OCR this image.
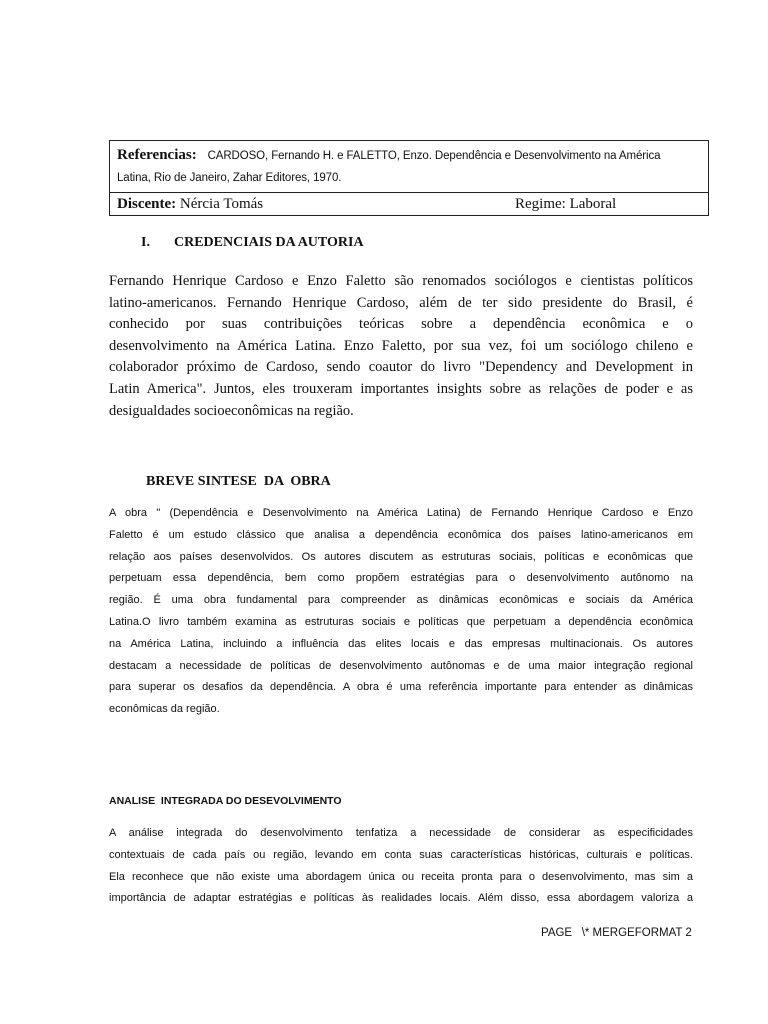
Referencias: CARDOSO, Fernando H. e FALETTO, Enzo. Dependência e Desenvolvimento na América
Latina, Rio de Janeiro, Zahar Editores, 1970.
Discente: Nércia Tomás	Regime: Laboral
I. CREDENCIAIS DA AUTORIA
Fernando Henrique Cardoso e Enzo Faletto são renomados sociólogos e cientistas políticos
latino-americanos. Fernando Henrique Cardoso, além de ter sido presidente do Brasil, é
conhecido por suas contribuições teóricas sobre a dependência econômica e o
desenvolvimento na América Latina. Enzo Faletto, por sua vez, foi um sociólogo chileno e
colaborador próximo de Cardoso, sendo coautor do livro "Dependency and Development in
Latin America". Juntos, eles trouxeram importantes insights sobre as relações de poder e as
desigualdades socioeconômicas na região.
BREVE SINTESE  DA  OBRA
A obra " (Dependência e Desenvolvimento na América Latina) de Fernando Henrique Cardoso e Enzo
Faletto é um estudo clássico que analisa a dependência econômica dos países latino-americanos em
relação aos países desenvolvidos. Os autores discutem as estruturas sociais, políticas e econômicas que
perpetuam essa dependência, bem como propõem estratégias para o desenvolvimento autônomo na
região. É uma obra fundamental para compreender as dinâmicas econômicas e sociais da América
Latina.O livro também examina as estruturas sociais e políticas que perpetuam a dependência econômica
na América Latina, incluindo a influência das elites locais e das empresas multinacionais. Os autores
destacam a necessidade de políticas de desenvolvimento autônomas e de uma maior integração regional
para superar os desafios da dependência. A obra é uma referência importante para entender as dinâmicas
econômicas da região.
ANALISE  INTEGRADA DO DESEVOLVIMENTO
A análise integrada do desenvolvimento tenfatiza a necessidade de considerar as especificidades
contextuais de cada país ou região, levando em conta suas características históricas, culturais e políticas.
Ela reconhece que não existe uma abordagem única ou receita pronta para o desenvolvimento, mas sim a
importância de adaptar estratégias e políticas às realidades locais. Além disso, essa abordagem valoriza a
PAGE   \* MERGEFORMAT 2
